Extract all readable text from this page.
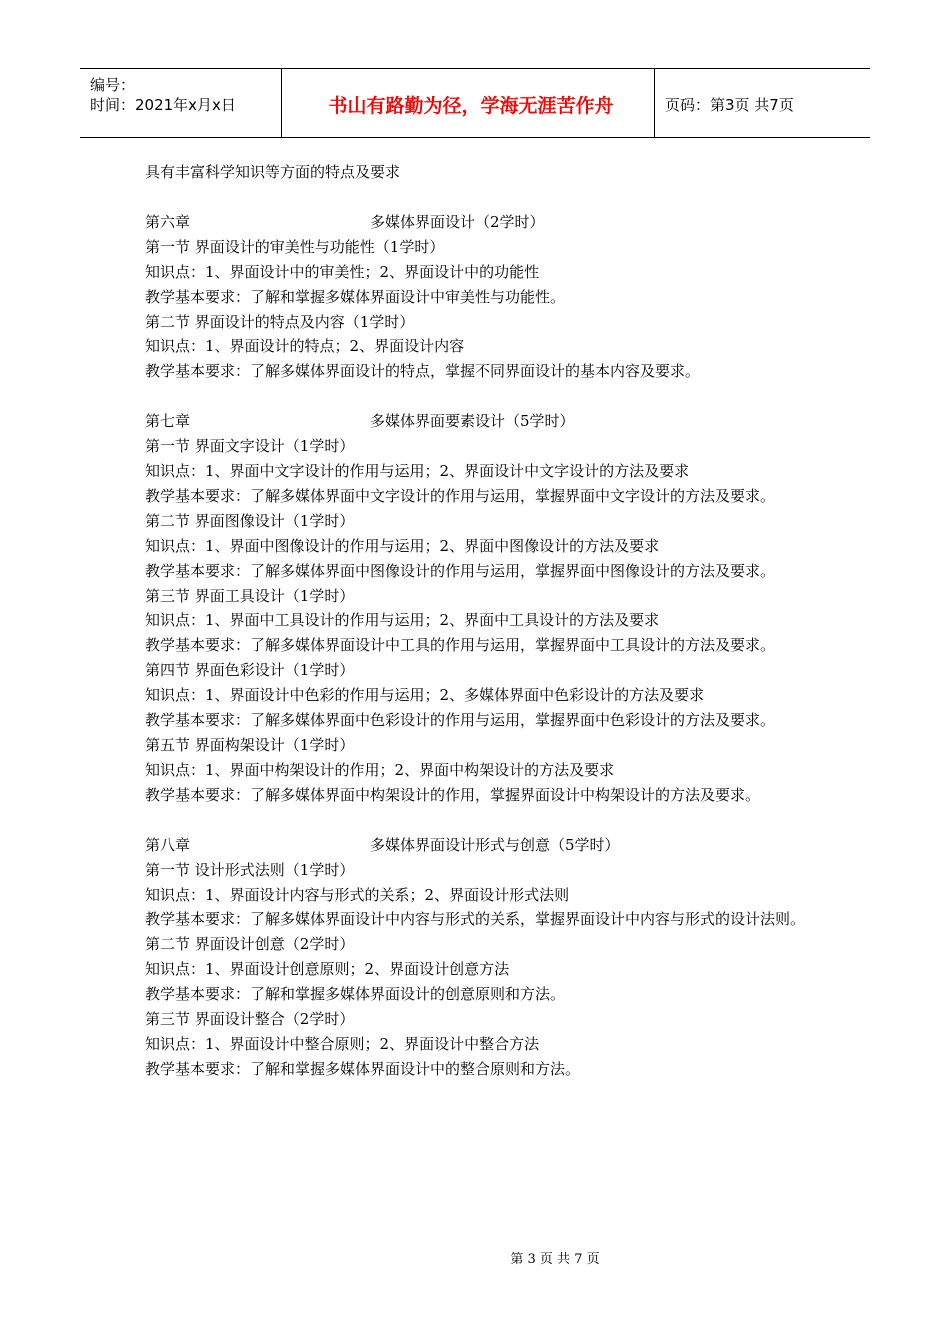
编号：
时间：2021年x月x日	书山有路勤为径，学海无涯苦作舟	页码：第3页 共7页
具有丰富科学知识等方面的特点及要求
第六章	多媒体界面设计（2学时）
第一节 界面设计的审美性与功能性（1学时）
知识点：1、界面设计中的审美性；2、界面设计中的功能性
教学基本要求：了解和掌握多媒体界面设计中审美性与功能性。
第二节 界面设计的特点及内容（1学时）
知识点：1、界面设计的特点；2、界面设计内容
教学基本要求：了解多媒体界面设计的特点，掌握不同界面设计的基本内容及要求。
第七章	多媒体界面要素设计（5学时）
第一节 界面文字设计（1学时）
知识点：1、界面中文字设计的作用与运用；2、界面设计中文字设计的方法及要求
教学基本要求：了解多媒体界面中文字设计的作用与运用，掌握界面中文字设计的方法及要求。
第二节 界面图像设计（1学时）
知识点：1、界面中图像设计的作用与运用；2、界面中图像设计的方法及要求
教学基本要求：了解多媒体界面中图像设计的作用与运用，掌握界面中图像设计的方法及要求。
第三节 界面工具设计（1学时）
知识点：1、界面中工具设计的作用与运用；2、界面中工具设计的方法及要求
教学基本要求：了解多媒体界面设计中工具的作用与运用，掌握界面中工具设计的方法及要求。
第四节 界面色彩设计（1学时）
知识点：1、界面设计中色彩的作用与运用；2、多媒体界面中色彩设计的方法及要求
教学基本要求：了解多媒体界面中色彩设计的作用与运用，掌握界面中色彩设计的方法及要求。
第五节 界面构架设计（1学时）
知识点：1、界面中构架设计的作用；2、界面中构架设计的方法及要求
教学基本要求：了解多媒体界面中构架设计的作用，掌握界面设计中构架设计的方法及要求。
第八章	多媒体界面设计形式与创意（5学时）
第一节 设计形式法则（1学时）
知识点：1、界面设计内容与形式的关系；2、界面设计形式法则
教学基本要求：了解多媒体界面设计中内容与形式的关系，掌握界面设计中内容与形式的设计法则。
第二节 界面设计创意（2学时）
知识点：1、界面设计创意原则；2、界面设计创意方法
教学基本要求：了解和掌握多媒体界面设计的创意原则和方法。
第三节 界面设计整合（2学时）
知识点：1、界面设计中整合原则；2、界面设计中整合方法
教学基本要求：了解和掌握多媒体界面设计中的整合原则和方法。
第 3 页 共 7 页
